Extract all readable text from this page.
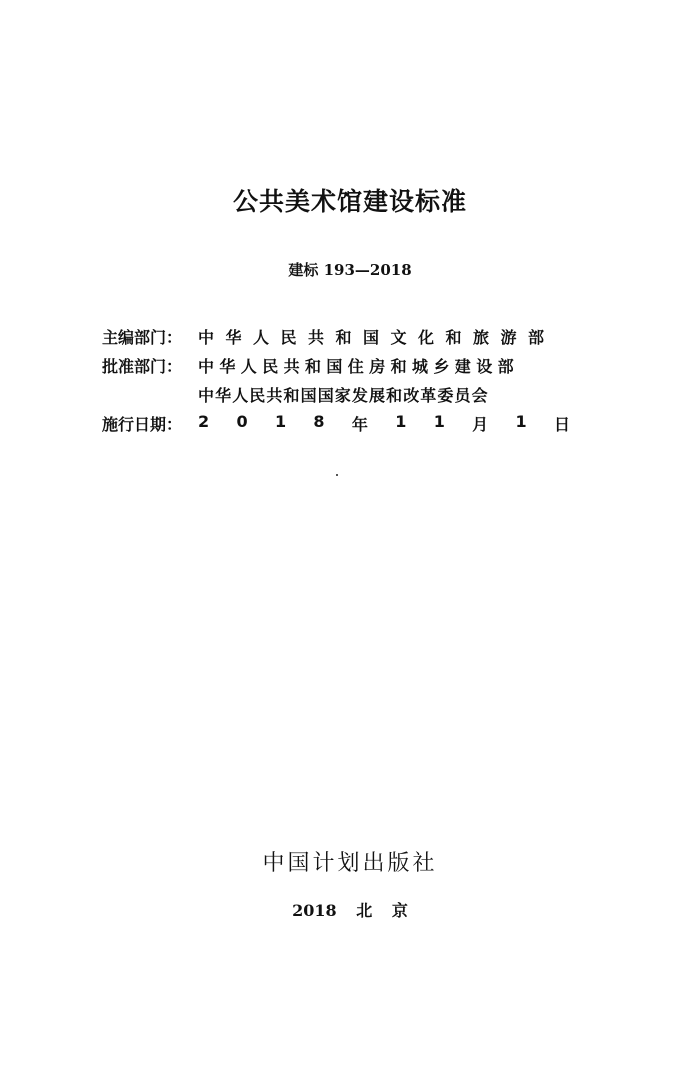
公共美术馆建设标准
建标 193—2018
主编部门： 中华人民共和国文化和旅游部
批准部门： 中华人民共和国住房和城乡建设部
中华人民共和国国家发展和改革委员会
施行日期： 2 0 1 8 年 1 1 月 1 日
中国计划出版社
2018 北 京
